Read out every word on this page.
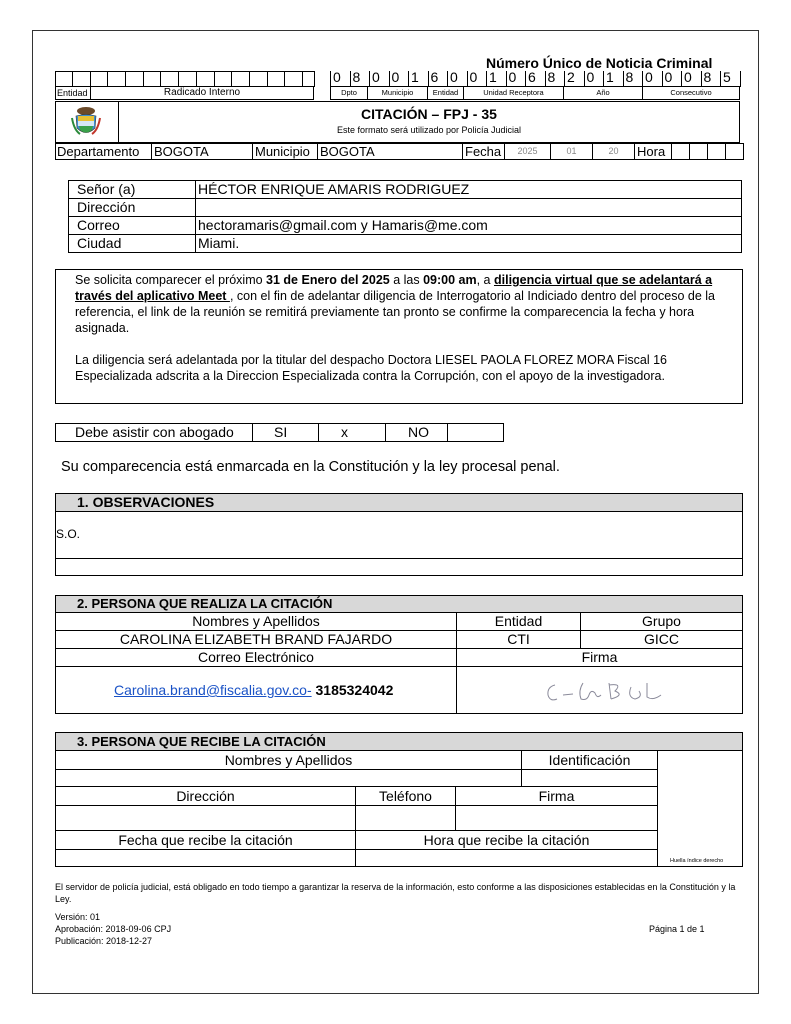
Número Único de Noticia Criminal
0 8 0 0 1 6 0 0 1 0 6 8 2 0 1 8 0 0 0 8 5
Entidad	Radicado Interno	Dpto	Municipio	Entidad	Unidad Receptora	Año	Consecutivo
CITACIÓN – FPJ - 35
Este formato será utilizado por Policía Judicial
Departamento	BOGOTA	Municipio BOGOTA	Fecha	2025	01	20	Hora
Señor (a)	HÉCTOR ENRIQUE AMARIS RODRIGUEZ
Dirección
Correo	hectoramaris@gmail.com y Hamaris@me.com
Ciudad	Miami.
Se solicita comparecer el próximo 31 de Enero del 2025 a las 09:00 am, a diligencia virtual que se adelantará a través del aplicativo Meet , con el fin de adelantar diligencia de Interrogatorio al Indiciado dentro del proceso de la referencia, el link de la reunión se remitirá previamente tan pronto se confirme la comparecencia la fecha y hora asignada.
La diligencia será adelantada por la titular del despacho Doctora LIESEL PAOLA FLOREZ MORA Fiscal 16 Especializada adscrita a la Direccion Especializada contra la Corrupción, con el apoyo de la investigadora.
Debe asistir con abogado	SI	x	NO
Su comparecencia está enmarcada en la Constitución y la ley procesal penal.
1. OBSERVACIONES
S.O.
2. PERSONA QUE REALIZA LA CITACIÓN
Nombres y Apellidos	Entidad	Grupo
CAROLINA ELIZABETH BRAND FAJARDO	CTI	GICC
Correo Electrónico	Firma
Carolina.brand@fiscalia.gov.co- 3185324042
3. PERSONA QUE RECIBE LA CITACIÓN
Nombres y Apellidos	Identificación
Dirección	Teléfono	Firma
Fecha que recibe la citación	Hora que recibe la citación
Huella índice derecho
El servidor de policía judicial, está obligado en todo tiempo a garantizar la reserva de la información, esto conforme a las disposiciones establecidas en la Constitución y la Ley.
Versión: 01
Aprobación: 2018-09-06 CPJ
Publicación: 2018-12-27
Página 1 de 1
